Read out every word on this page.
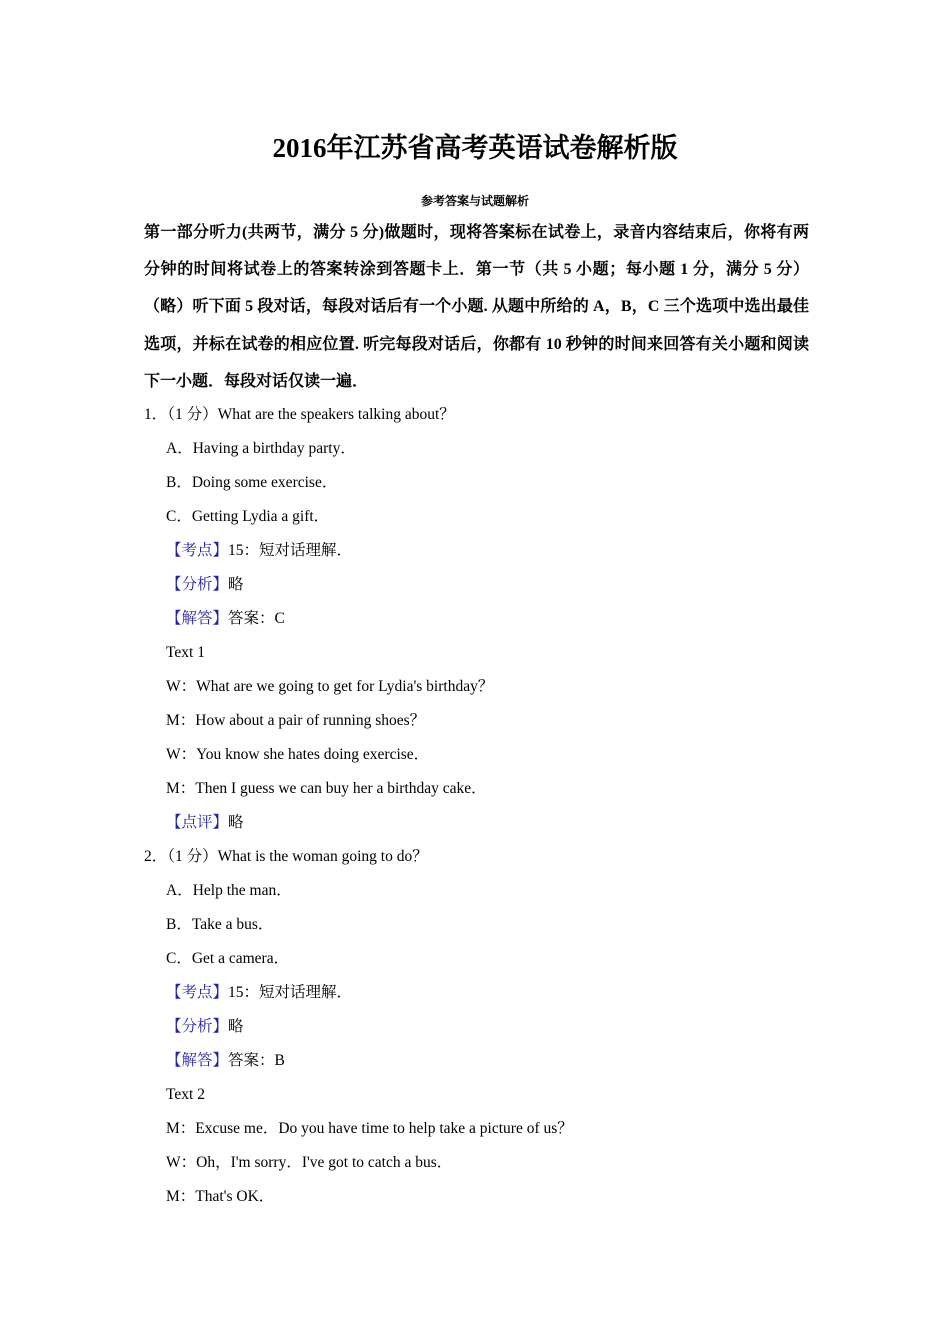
2016年江苏省高考英语试卷解析版
参考答案与试题解析
第一部分听力(共两节，满分 5 分)做题时，现将答案标在试卷上，录音内容结束后，你将有两分钟的时间将试卷上的答案转涂到答题卡上．第一节（共 5 小题；每小题 1 分，满分 5 分）（略）听下面 5 段对话，每段对话后有一个小题. 从题中所给的 A，B，C 三个选项中选出最佳选项，并标在试卷的相应位置. 听完每段对话后，你都有 10 秒钟的时间来回答有关小题和阅读下一小题．每段对话仅读一遍．
1．（1 分）What are the speakers talking about？
A．Having a birthday party．
B．Doing some exercise．
C．Getting Lydia a gift．
【考点】15：短对话理解．
【分析】略
【解答】答案：C
Text 1
W：What are we going to get for Lydia's birthday？
M：How about a pair of running shoes？
W：You know she hates doing exercise．
M：Then I guess we can buy her a birthday cake．
【点评】略
2．（1 分）What is the woman going to do？
A．Help the man．
B．Take a bus．
C．Get a camera．
【考点】15：短对话理解．
【分析】略
【解答】答案：B
Text 2
M：Excuse me．Do you have time to help take a picture of us？
W：Oh，I'm sorry．I've got to catch a bus．
M：That's OK．
